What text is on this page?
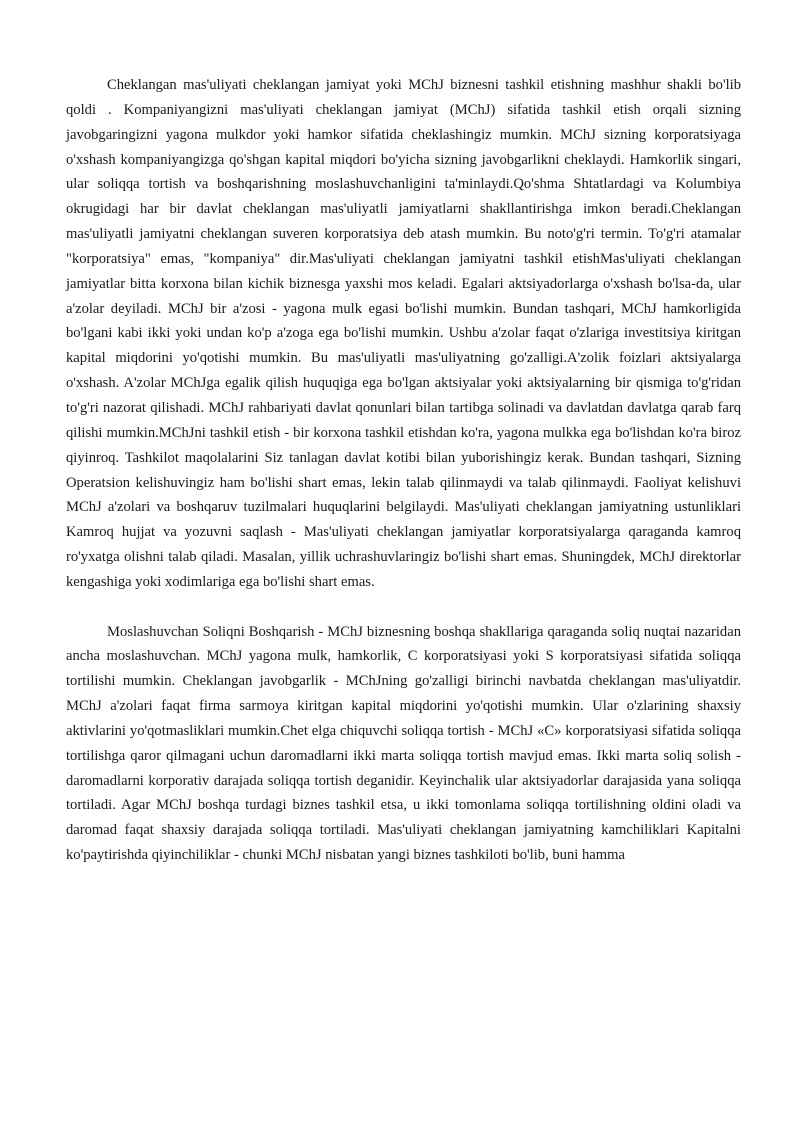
Cheklangan mas'uliyati cheklangan jamiyat yoki MChJ biznesni tashkil etishning mashhur shakli bo'lib qoldi . Kompaniyangizni mas'uliyati cheklangan jamiyat (MChJ) sifatida tashkil etish orqali sizning javobgaringizni yagona mulkdor yoki hamkor sifatida cheklashingiz mumkin. MChJ sizning korporatsiyaga o'xshash kompaniyangizga qo'shgan kapital miqdori bo'yicha sizning javobgarlikni cheklaydi. Hamkorlik singari, ular soliqqa tortish va boshqarishning moslashuvchanligini ta'minlaydi.Qo'shma Shtatlardagi va Kolumbiya okrugidagi har bir davlat cheklangan mas'uliyatli jamiyatlarni shakllantirishga imkon beradi.Cheklangan mas'uliyatli jamiyatni cheklangan suveren korporatsiya deb atash mumkin. Bu noto'g'ri termin. To'g'ri atamalar "korporatsiya" emas, "kompaniya" dir.Mas'uliyati cheklangan jamiyatni tashkil etishMas'uliyati cheklangan jamiyatlar bitta korxona bilan kichik biznesga yaxshi mos keladi. Egalari aktsiyadorlarga o'xshash bo'lsa-da, ular a'zolar deyiladi. MChJ bir a'zosi - yagona mulk egasi bo'lishi mumkin. Bundan tashqari, MChJ hamkorligida bo'lgani kabi ikki yoki undan ko'p a'zoga ega bo'lishi mumkin. Ushbu a'zolar faqat o'zlariga investitsiya kiritgan kapital miqdorini yo'qotishi mumkin. Bu mas'uliyatli mas'uliyatning go'zalligi.A'zolik foizlari aktsiyalarga o'xshash. A'zolar MChJga egalik qilish huquqiga ega bo'lgan aktsiyalar yoki aktsiyalarning bir qismiga to'g'ridan to'g'ri nazorat qilishadi. MChJ rahbariyati davlat qonunlari bilan tartibga solinadi va davlatdan davlatga qarab farq qilishi mumkin.MChJni tashkil etish - bir korxona tashkil etishdan ko'ra, yagona mulkka ega bo'lishdan ko'ra biroz qiyinroq. Tashkilot maqolalarini Siz tanlagan davlat kotibi bilan yuborishingiz kerak. Bundan tashqari, Sizning Operatsion kelishuvingiz ham bo'lishi shart emas, lekin talab qilinmaydi va talab qilinmaydi. Faoliyat kelishuvi MChJ a'zolari va boshqaruv tuzilmalari huquqlarini belgilaydi. Mas'uliyati cheklangan jamiyatning ustunliklari Kamroq hujjat va yozuvni saqlash - Mas'uliyati cheklangan jamiyatlar korporatsiyalarga qaraganda kamroq ro'yxatga olishni talab qiladi. Masalan, yillik uchrashuvlaringiz bo'lishi shart emas. Shuningdek, MChJ direktorlar kengashiga yoki xodimlariga ega bo'lishi shart emas.

Moslashuvchan Soliqni Boshqarish - MChJ biznesning boshqa shakllariga qaraganda soliq nuqtai nazaridan ancha moslashuvchan. MChJ yagona mulk, hamkorlik, C korporatsiyasi yoki S korporatsiyasi sifatida soliqqa tortilishi mumkin. Cheklangan javobgarlik - MChJning go'zalligi birinchi navbatda cheklangan mas'uliyatdir. MChJ a'zolari faqat firma sarmoya kiritgan kapital miqdorini yo'qotishi mumkin. Ular o'zlarining shaxsiy aktivlarini yo'qotmasliklari mumkin.Chet elga chiquvchi soliqqa tortish - MChJ «C» korporatsiyasi sifatida soliqqa tortilishga qaror qilmagani uchun daromadlarni ikki marta soliqqa tortish mavjud emas. Ikki marta soliq solish - daromadlarni korporativ darajada soliqqa tortish deganidir. Keyinchalik ular aktsiyadorlar darajasida yana soliqqa tortiladi. Agar MChJ boshqa turdagi biznes tashkil etsa, u ikki tomonlama soliqqa tortilishning oldini oladi va daromad faqat shaxsiy darajada soliqqa tortiladi. Mas'uliyati cheklangan jamiyatning kamchiliklari Kapitalni ko'paytirishda qiyinchiliklar - chunki MChJ nisbatan yangi biznes tashkiloti bo'lib, buni hamma
